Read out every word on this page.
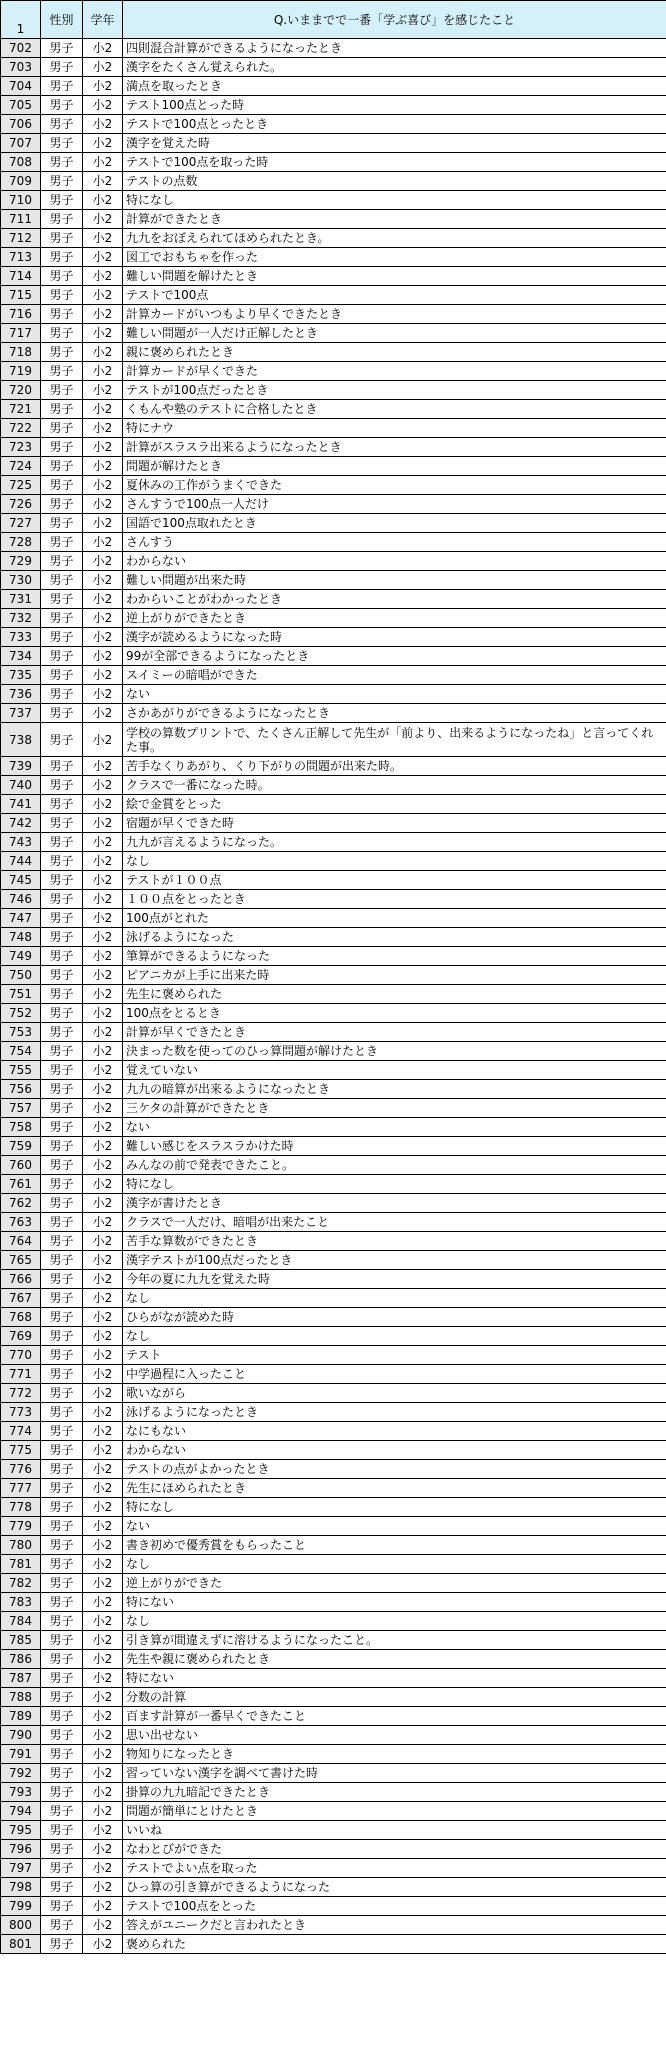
1	性別	学年	Q.いままでで一番「学ぶ喜び」を感じたこと
702	男子	小2	四則混合計算ができるようになったとき
703	男子	小2	漢字をたくさん覚えられた。
704	男子	小2	満点を取ったとき
705	男子	小2	テスト100点とった時
706	男子	小2	テストで100点とったとき
707	男子	小2	漢字を覚えた時
708	男子	小2	テストで100点を取った時
709	男子	小2	テストの点数
710	男子	小2	特になし
711	男子	小2	計算ができたとき
712	男子	小2	九九をおぼえられてほめられたとき。
713	男子	小2	図工でおもちゃを作った
714	男子	小2	難しい問題を解けたとき
715	男子	小2	テストで100点
716	男子	小2	計算カードがいつもより早くできたとき
717	男子	小2	難しい問題が一人だけ正解したとき
718	男子	小2	親に褒められたとき
719	男子	小2	計算カードが早くできた
720	男子	小2	テストが100点だったとき
721	男子	小2	くもんや塾のテストに合格したとき
722	男子	小2	特にナウ
723	男子	小2	計算がスラスラ出来るようになったとき
724	男子	小2	問題が解けたとき
725	男子	小2	夏休みの工作がうまくできた
726	男子	小2	さんすうで100点一人だけ
727	男子	小2	国語で100点取れたとき
728	男子	小2	さんすう
729	男子	小2	わからない
730	男子	小2	難しい問題が出来た時
731	男子	小2	わからいことがわかったとき
732	男子	小2	逆上がりができたとき
733	男子	小2	漢字が読めるようになった時
734	男子	小2	99が全部できるようになったとき
735	男子	小2	スイミーの暗唱ができた
736	男子	小2	ない
737	男子	小2	さかあがりができるようになったとき
738	男子	小2	学校の算数プリントで、たくさん正解して先生が「前より、出来るようになったね」と言ってくれた事。
739	男子	小2	苦手なくりあがり、くり下がりの問題が出来た時。
740	男子	小2	クラスで一番になった時。
741	男子	小2	絵で金賞をとった
742	男子	小2	宿題が早くできた時
743	男子	小2	九九が言えるようになった。
744	男子	小2	なし
745	男子	小2	テストが１００点
746	男子	小2	１００点をとったとき
747	男子	小2	100点がとれた
748	男子	小2	泳げるようになった
749	男子	小2	筆算ができるようになった
750	男子	小2	ピアニカが上手に出来た時
751	男子	小2	先生に褒められた
752	男子	小2	100点をとるとき
753	男子	小2	計算が早くできたとき
754	男子	小2	決まった数を使ってのひっ算問題が解けたとき
755	男子	小2	覚えていない
756	男子	小2	九九の暗算が出来るようになったとき
757	男子	小2	三ケタの計算ができたとき
758	男子	小2	ない
759	男子	小2	難しい感じをスラスラかけた時
760	男子	小2	みんなの前で発表できたこと。
761	男子	小2	特になし
762	男子	小2	漢字が書けたとき
763	男子	小2	クラスで一人だけ、暗唱が出来たこと
764	男子	小2	苦手な算数ができたとき
765	男子	小2	漢字テストが100点だったとき
766	男子	小2	今年の夏に九九を覚えた時
767	男子	小2	なし
768	男子	小2	ひらがなが読めた時
769	男子	小2	なし
770	男子	小2	テスト
771	男子	小2	中学過程に入ったこと
772	男子	小2	歌いながら
773	男子	小2	泳げるようになったとき
774	男子	小2	なにもない
775	男子	小2	わからない
776	男子	小2	テストの点がよかったとき
777	男子	小2	先生にほめられたとき
778	男子	小2	特になし
779	男子	小2	ない
780	男子	小2	書き初めで優秀賞をもらったこと
781	男子	小2	なし
782	男子	小2	逆上がりができた
783	男子	小2	特にない
784	男子	小2	なし
785	男子	小2	引き算が間違えずに溶けるようになったこと。
786	男子	小2	先生や親に褒められたとき
787	男子	小2	特にない
788	男子	小2	分数の計算
789	男子	小2	百ます計算が一番早くできたこと
790	男子	小2	思い出せない
791	男子	小2	物知りになったとき
792	男子	小2	習っていない漢字を調べて書けた時
793	男子	小2	掛算の九九暗記できたとき
794	男子	小2	問題が簡単にとけたとき
795	男子	小2	いいね
796	男子	小2	なわとびができた
797	男子	小2	テストでよい点を取った
798	男子	小2	ひっ算の引き算ができるようになった
799	男子	小2	テストで100点をとった
800	男子	小2	答えがユニークだと言われたとき
801	男子	小2	褒められた
